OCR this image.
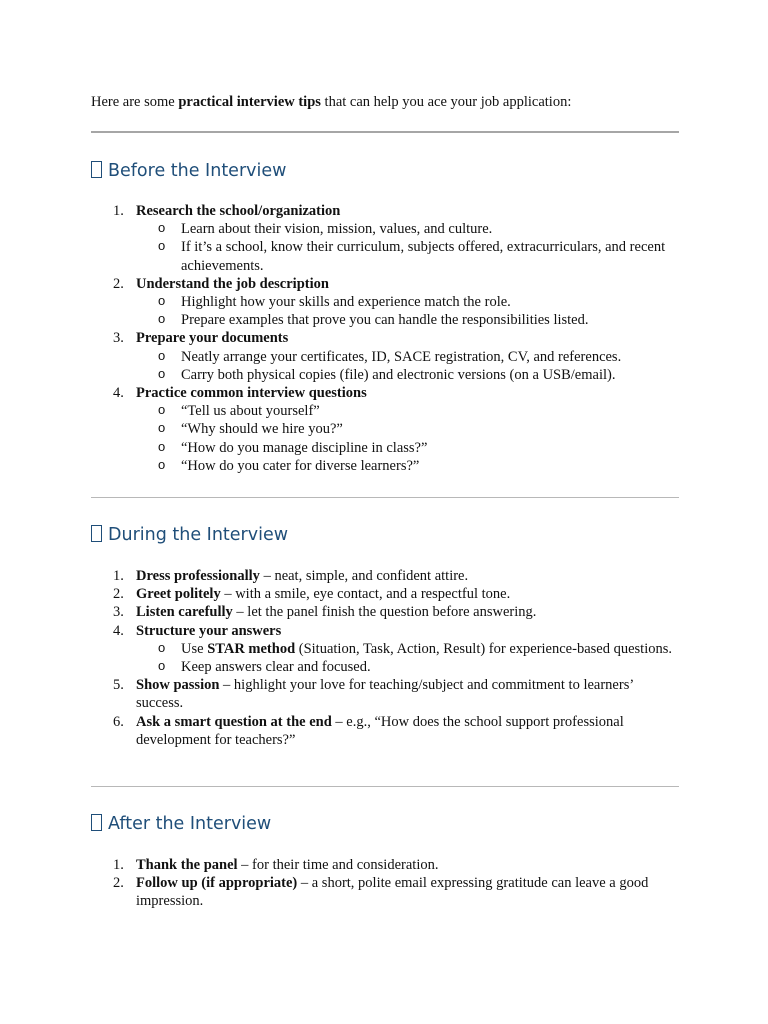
Here are some practical interview tips that can help you ace your job application:
Before the Interview
1. Research the school/organization
o Learn about their vision, mission, values, and culture.
o If it’s a school, know their curriculum, subjects offered, extracurriculars, and recent achievements.
2. Understand the job description
o Highlight how your skills and experience match the role.
o Prepare examples that prove you can handle the responsibilities listed.
3. Prepare your documents
o Neatly arrange your certificates, ID, SACE registration, CV, and references.
o Carry both physical copies (file) and electronic versions (on a USB/email).
4. Practice common interview questions
o “Tell us about yourself”
o “Why should we hire you?”
o “How do you manage discipline in class?”
o “How do you cater for diverse learners?”
During the Interview
1. Dress professionally – neat, simple, and confident attire.
2. Greet politely – with a smile, eye contact, and a respectful tone.
3. Listen carefully – let the panel finish the question before answering.
4. Structure your answers
o Use STAR method (Situation, Task, Action, Result) for experience-based questions.
o Keep answers clear and focused.
5. Show passion – highlight your love for teaching/subject and commitment to learners’ success.
6. Ask a smart question at the end – e.g., “How does the school support professional development for teachers?”
After the Interview
1. Thank the panel – for their time and consideration.
2. Follow up (if appropriate) – a short, polite email expressing gratitude can leave a good impression.
